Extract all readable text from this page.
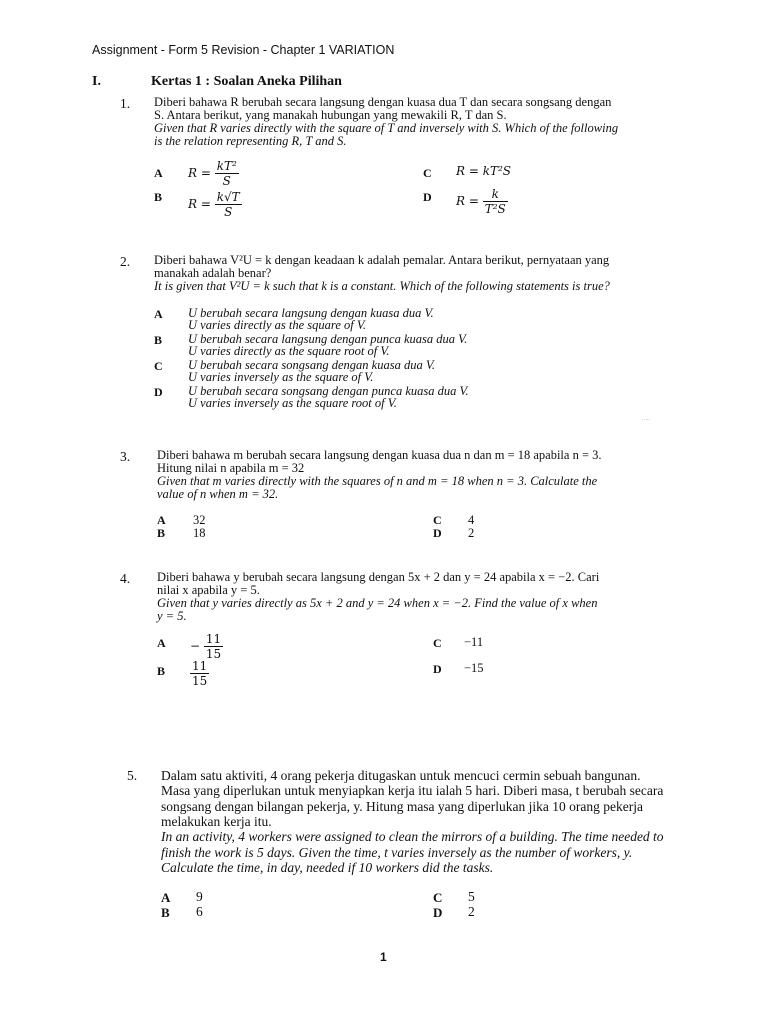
Assignment - Form 5 Revision - Chapter 1 VARIATION
I.	Kertas 1 : Soalan Aneka Pilihan
1. Diberi bahawa R berubah secara langsung dengan kuasa dua T dan secara songsang dengan
S. Antara berikut, yang manakah hubungan yang mewakili R, T dan S.
Given that R varies directly with the square of T and inversely with S. Which of the following
is the relation representing R, T and S.
A $R = \frac{\text{kT²}}{S}$
B $R = \frac{k√T}{S}$
C R = kT²S
D $R = \frac{k}{\text{T²S}}$
2. Diberi bahawa V²U = k dengan keadaan k adalah pemalar. Antara berikut, pernyataan yang
manakah adalah benar?
It is given that V²U = k such that k is a constant. Which of the following statements is true?
A U berubah secara langsung dengan kuasa dua V.
U varies directly as the square of V.
B U berubah secara langsung dengan punca kuasa dua V.
U varies directly as the square root of V.
C U berubah secara songsang dengan kuasa dua V.
U varies inversely as the square of V.
D U berubah secara songsang dengan punca kuasa dua V.
U varies inversely as the square root of V.
·····
3. Diberi bahawa m berubah secara langsung dengan kuasa dua n dan m = 18 apabila n = 3.
Hitung nilai n apabila m = 32
Given that m varies directly with the squares of n and m = 18 when n = 3. Calculate the
value of n when m = 32.
A 32
B 18
C 4
D 2
4. Diberi bahawa y berubah secara langsung dengan 5x + 2 dan y = 24 apabila x = −2. Cari
nilai x apabila y = 5.
Given that y varies directly as 5x + 2 and y = 24 when x = −2. Find the value of x when
y = 5.
$A - \frac{11}{15}$
B $\frac{11}{15}$
C −11
D −15
5. Dalam satu aktiviti, 4 orang pekerja ditugaskan untuk mencuci cermin sebuah bangunan.
Masa yang diperlukan untuk menyiapkan kerja itu ialah 5 hari. Diberi masa, t berubah secara
songsang dengan bilangan pekerja, y. Hitung masa yang diperlukan jika 10 orang pekerja
melakukan kerja itu.
In an activity, 4 workers were assigned to clean the mirrors of a building. The time needed to
finish the work is 5 days. Given the time, t varies inversely as the number of workers, y.
Calculate the time, in day, needed if 10 workers did the tasks.
A 9
B 6
C 5
D 2
1
